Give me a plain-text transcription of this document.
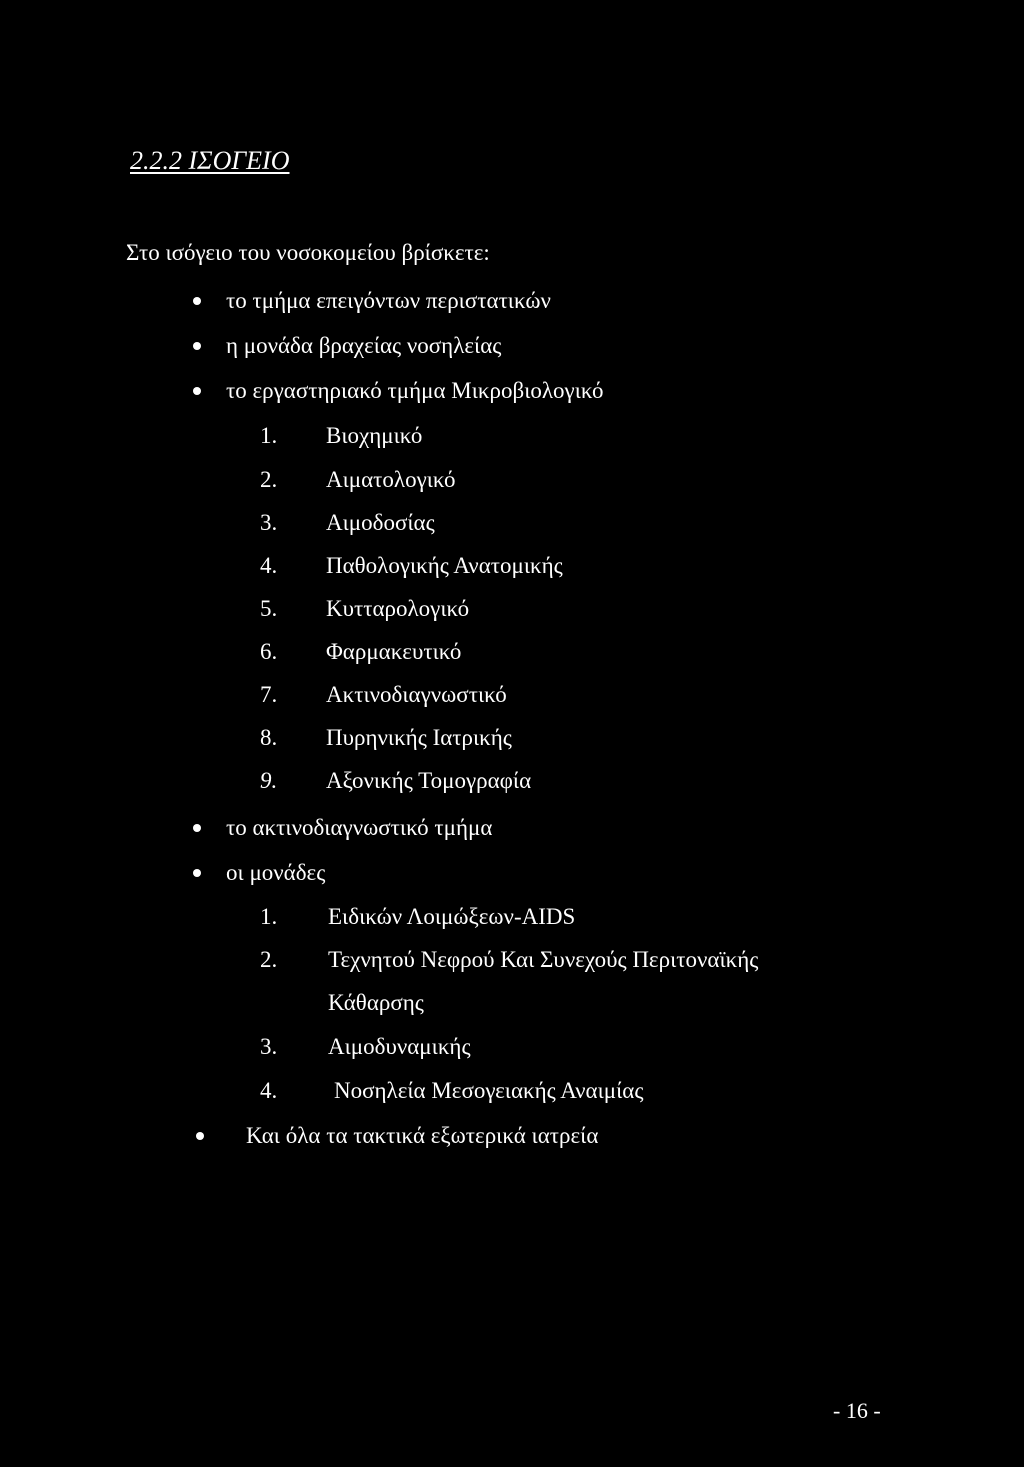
2.2.2 ΙΣΟΓΕΙΟ
Στο ισόγειο του νοσοκομείου βρίσκετε:
το τμήμα επειγόντων περιστατικών
η μονάδα βραχείας νοσηλείας
το εργαστηριακό τμήμα Μικροβιολογικό
1. Βιοχημικό
2. Αιματολογικό
3. Αιμοδοσίας
4. Παθολογικής Ανατομικής
5. Κυτταρολογικό
6. Φαρμακευτικό
7. Ακτινοδιαγνωστικό
8. Πυρηνικής Ιατρικής
9. Αξονικής Τομογραφία
το ακτινοδιαγνωστικό τμήμα
οι μονάδες
1. Ειδικών Λοιμώξεων-AIDS
2. Τεχνητού Νεφρού Και Συνεχούς Περιτοναϊκής
Κάθαρσης
3. Αιμοδυναμικής
4. Νοσηλεία Μεσογειακής Αναιμίας
Και όλα τα τακτικά εξωτερικά ιατρεία
- 16 -
